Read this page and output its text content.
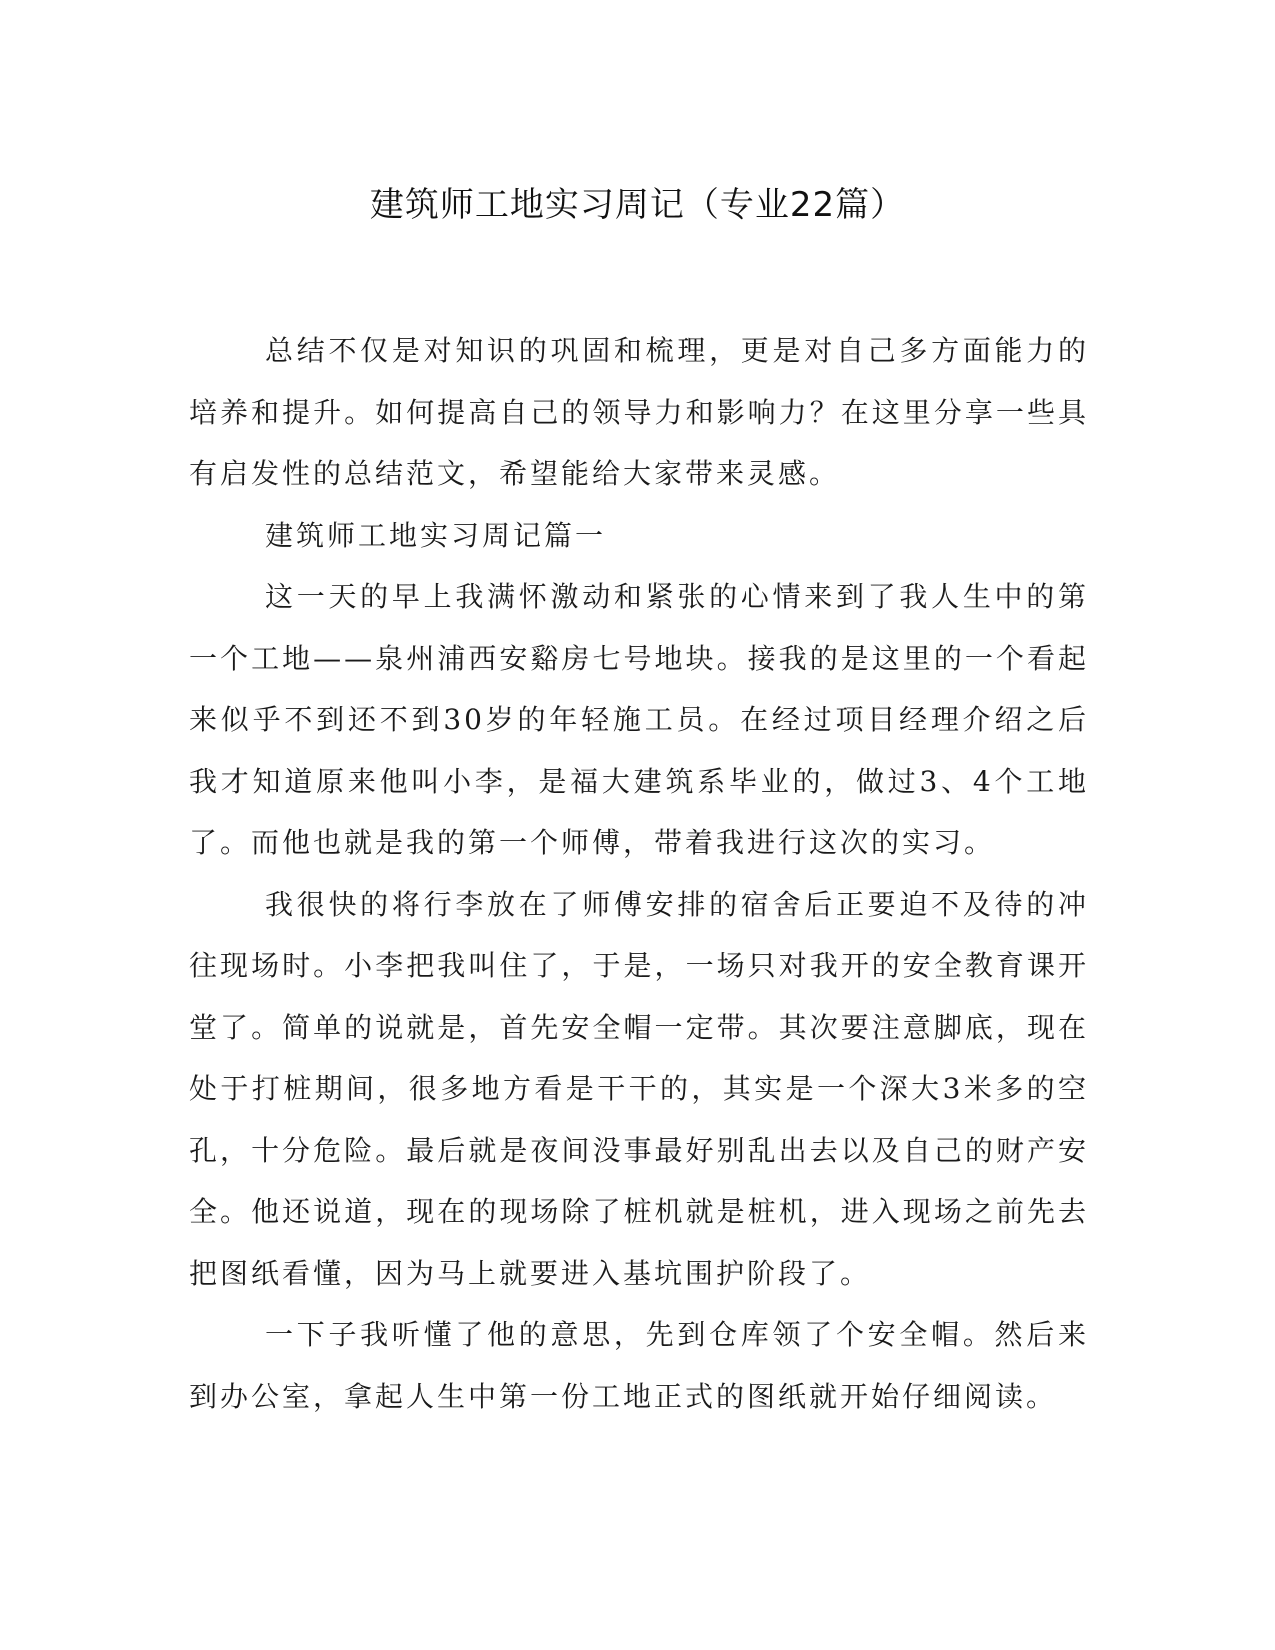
建筑师工地实习周记（专业22篇）

总结不仅是对知识的巩固和梳理，更是对自己多方面能力的培养和提升。如何提高自己的领导力和影响力？在这里分享一些具有启发性的总结范文，希望能给大家带来灵感。

建筑师工地实习周记篇一

这一天的早上我满怀激动和紧张的心情来到了我人生中的第一个工地——泉州浦西安谿房七号地块。接我的是这里的一个看起来似乎不到还不到30岁的年轻施工员。在经过项目经理介绍之后我才知道原来他叫小李，是福大建筑系毕业的，做过3、4个工地了。而他也就是我的第一个师傅，带着我进行这次的实习。

我很快的将行李放在了师傅安排的宿舍后正要迫不及待的冲往现场时。小李把我叫住了，于是，一场只对我开的安全教育课开堂了。简单的说就是，首先安全帽一定带。其次要注意脚底，现在处于打桩期间，很多地方看是干干的，其实是一个深大3米多的空孔，十分危险。最后就是夜间没事最好别乱出去以及自己的财产安全。他还说道，现在的现场除了桩机就是桩机，进入现场之前先去把图纸看懂，因为马上就要进入基坑围护阶段了。

一下子我听懂了他的意思，先到仓库领了个安全帽。然后来到办公室，拿起人生中第一份工地正式的图纸就开始仔细阅读。
